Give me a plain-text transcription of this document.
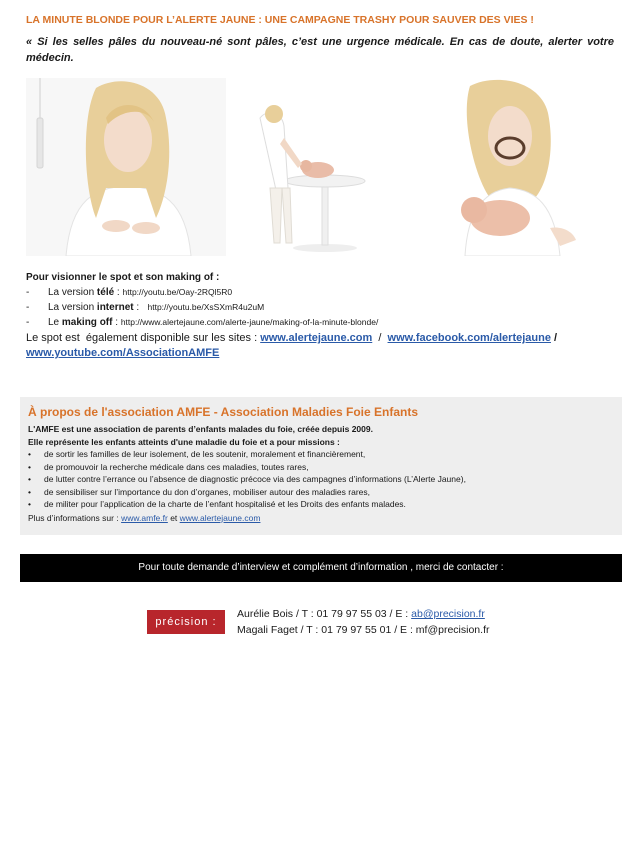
LA MINUTE BLONDE POUR L’ALERTE JAUNE : UNE CAMPAGNE TRASHY POUR SAUVER DES VIES !
« Si les selles pâles du nouveau-né sont pâles, c’est une urgence médicale. En cas de doute, alerter votre médecin.
Pour visionner le spot et son making of :
- La version télé : http://youtu.be/Oay-2RQl5R0
- La version internet :   http://youtu.be/XsSXmR4u2uM
- Le making off : http://www.alertejaune.com/alerte-jaune/making-of-la-minute-blonde/
Le spot est  également disponible sur les sites : www.alertejaune.com  /  www.facebook.com/alertejaune /
www.youtube.com/AssociationAMFE
À propos de l'association AMFE - Association Maladies Foie Enfants
L'AMFE est une association de parents d’enfants malades du foie, créée depuis 2009.
Elle représente les enfants atteints d'une maladie du foie et a pour missions :
• de sortir les familles de leur isolement, de les soutenir, moralement et financièrement,
• de promouvoir la recherche médicale dans ces maladies, toutes rares,
• de lutter contre l’errance ou l’absence de diagnostic précoce via des campagnes d’informations (L’Alerte Jaune),
• de sensibiliser sur l’importance du don d’organes, mobiliser autour des maladies rares,
• de militer pour l’application de la charte de l’enfant hospitalisé et les Droits des enfants malades.
Plus d’informations sur : www.amfe.fr et www.alertejaune.com
Pour toute demande d’interview et complément d’information , merci de contacter :
précision :
Aurélie Bois / T : 01 79 97 55 03 / E : ab@precision.fr
Magali Faget / T : 01 79 97 55 01 / E : mf@precision.fr
